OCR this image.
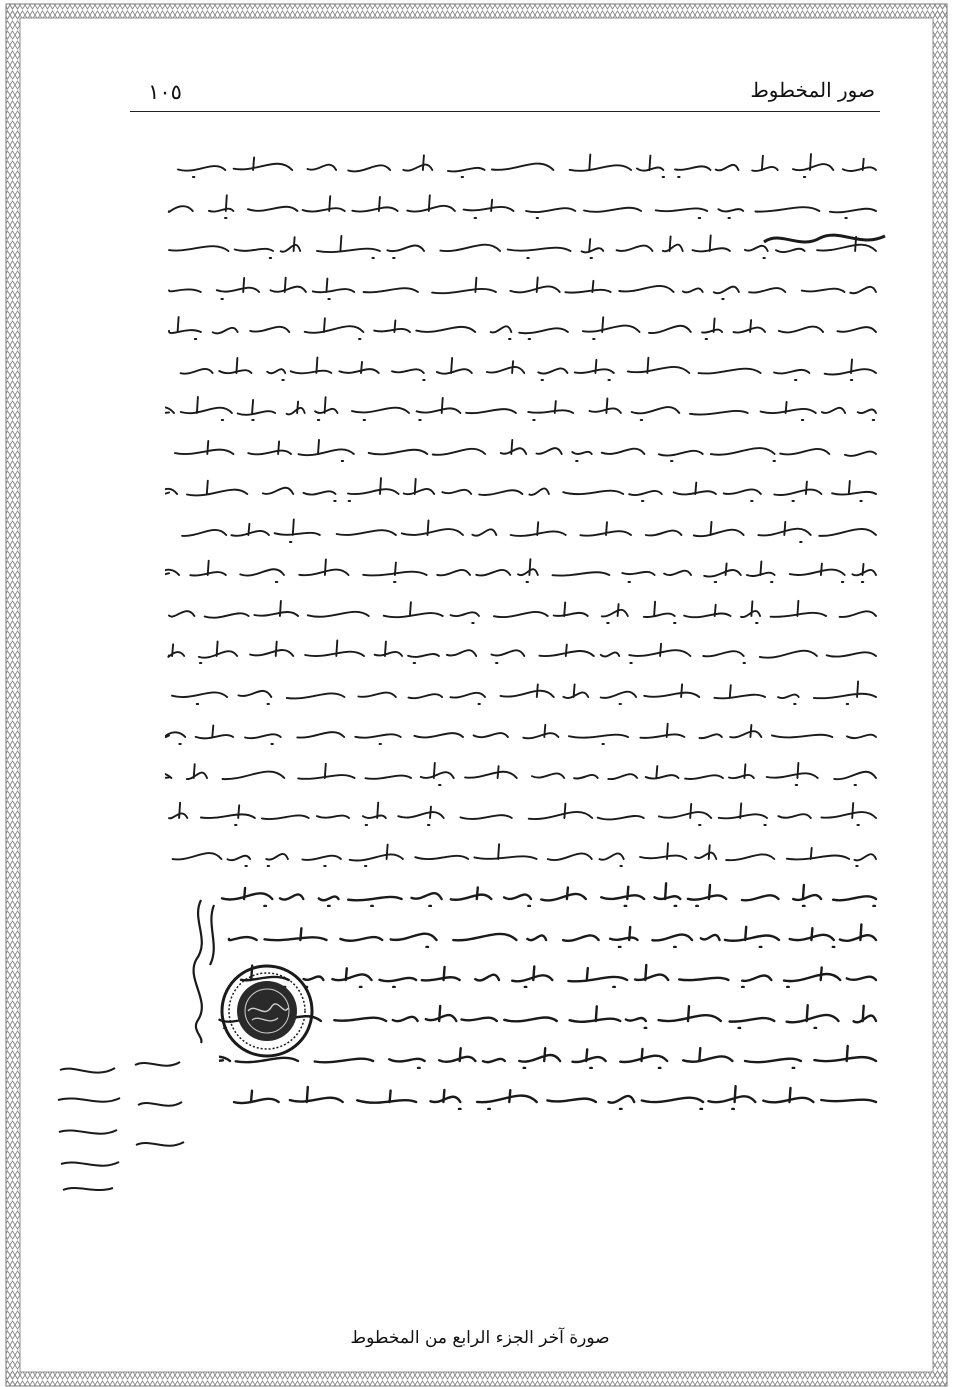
١٠٥	صور المخطوط
صورة آخر الجزء الرابع من المخطوط
